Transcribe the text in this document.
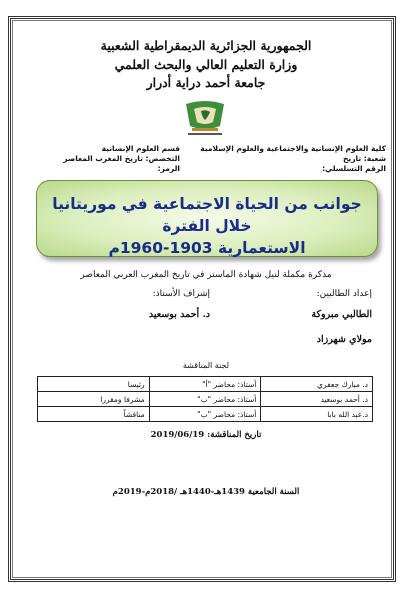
الجمهورية الجزائرية الديمقراطية الشعبية
وزارة التعليم العالي والبحث العلمي
جامعة أحمد دراية أدرار
كلية العلوم الإنسانية والاجتماعية والعلوم الإسلامية
شعبة: تاريخ
الرقم التسلسلي:
قسم العلوم الإنسانية
التخصص: تاريخ المغرب المعاصر
الرمز:
جوانب من الحياة الاجتماعية في موريتانيا خلال الفترة
الاستعمارية 1903-1960م
مذكرة مكملة لنيل شهادة الماستر في تاريخ المغرب العربي المعاصر
إعداد الطالبين:
الطالبي مبروكة
مولاي شهرزاد
إشراف الأستاذ:
د. أحمد بوسعيد
لجنة المناقشة
د. مبارك جعفري	أستاذ: محاضر "أ"	رئيسا
د. أحمد بوسعيد	أستاذ: محاضر "ب"	مشرفا ومقررا
د.عبد الله بابا	أستاذ: محاضر "ب"	مناقشاً
تاريخ المناقشة: 2019/06/19
السنة الجامعية 1439هـ-1440هـ /2018م-2019م
